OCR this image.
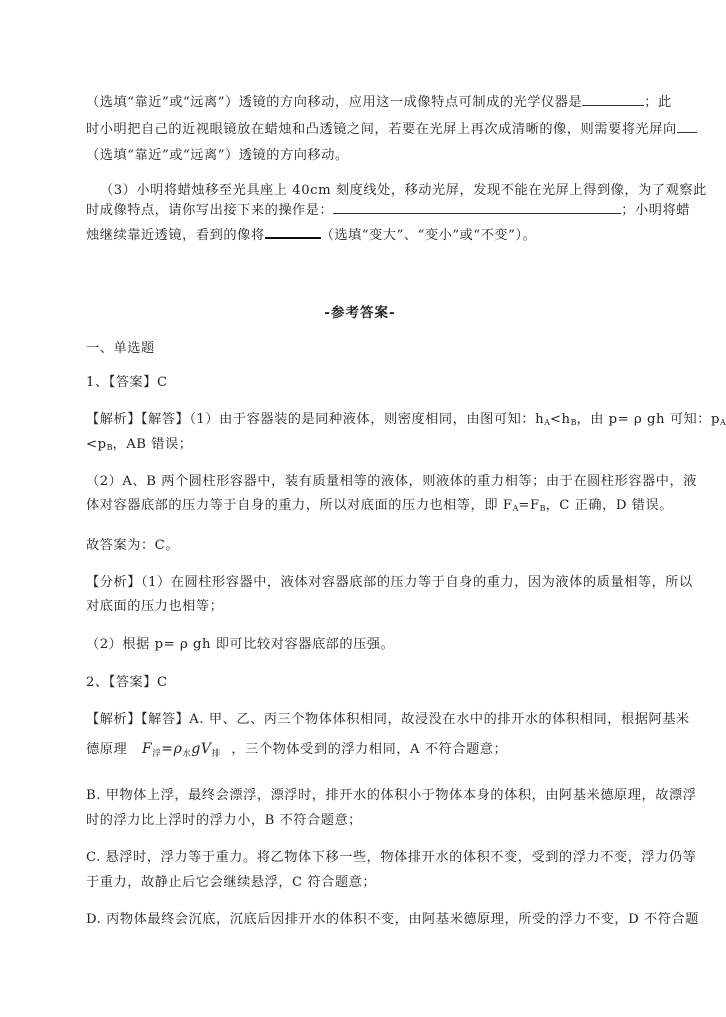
（选填“靠近”或“远离”）透镜的方向移动，应用这一成像特点可制成的光学仪器是	；此
时小明把自己的近视眼镜放在蜡烛和凸透镜之间，若要在光屏上再次成清晰的像，则需要将光屏向
（选填“靠近”或“远离”）透镜的方向移动。
（3）小明将蜡烛移至光具座上 40cm 刻度线处，移动光屏，发现不能在光屏上得到像，为了观察此
时成像特点，请你写出接下来的操作是：	；小明将蜡
烛继续靠近透镜，看到的像将	（选填“变大”、“变小”或“不变”）。
-参考答案-
一、单选题
1、【答案】C
【解析】【解答】（1）由于容器装的是同种液体，则密度相同，由图可知：$h_A<h_B$，由 p= ρ gh 可知：$p_A$
$<p_B$，AB 错误；
（2）A、B 两个圆柱形容器中，装有质量相等的液体，则液体的重力相等；由于在圆柱形容器中，液
体对容器底部的压力等于自身的重力，所以对底面的压力也相等，即 $F_A=F_B$，C 正确，D 错误。
故答案为：C。
【分析】（1）在圆柱形容器中，液体对容器底部的压力等于自身的重力，因为液体的质量相等，所以
对底面的压力也相等；
（2）根据 p= ρ gh 即可比较对容器底部的压强。
2、【答案】C
【解析】【解答】A. 甲、乙、丙三个物体体积相同，故浸没在水中的排开水的体积相同，根据阿基米
德原理 $F_浮=\rho_水gV_排$ ，三个物体受到的浮力相同，A 不符合题意；
B. 甲物体上浮，最终会漂浮，漂浮时，排开水的体积小于物体本身的体积，由阿基米德原理，故漂浮
时的浮力比上浮时的浮力小，B 不符合题意；
C. 悬浮时，浮力等于重力。将乙物体下移一些，物体排开水的体积不变，受到的浮力不变，浮力仍等
于重力，故静止后它会继续悬浮，C 符合题意；
D. 丙物体最终会沉底，沉底后因排开水的体积不变，由阿基米德原理，所受的浮力不变，D 不符合题
